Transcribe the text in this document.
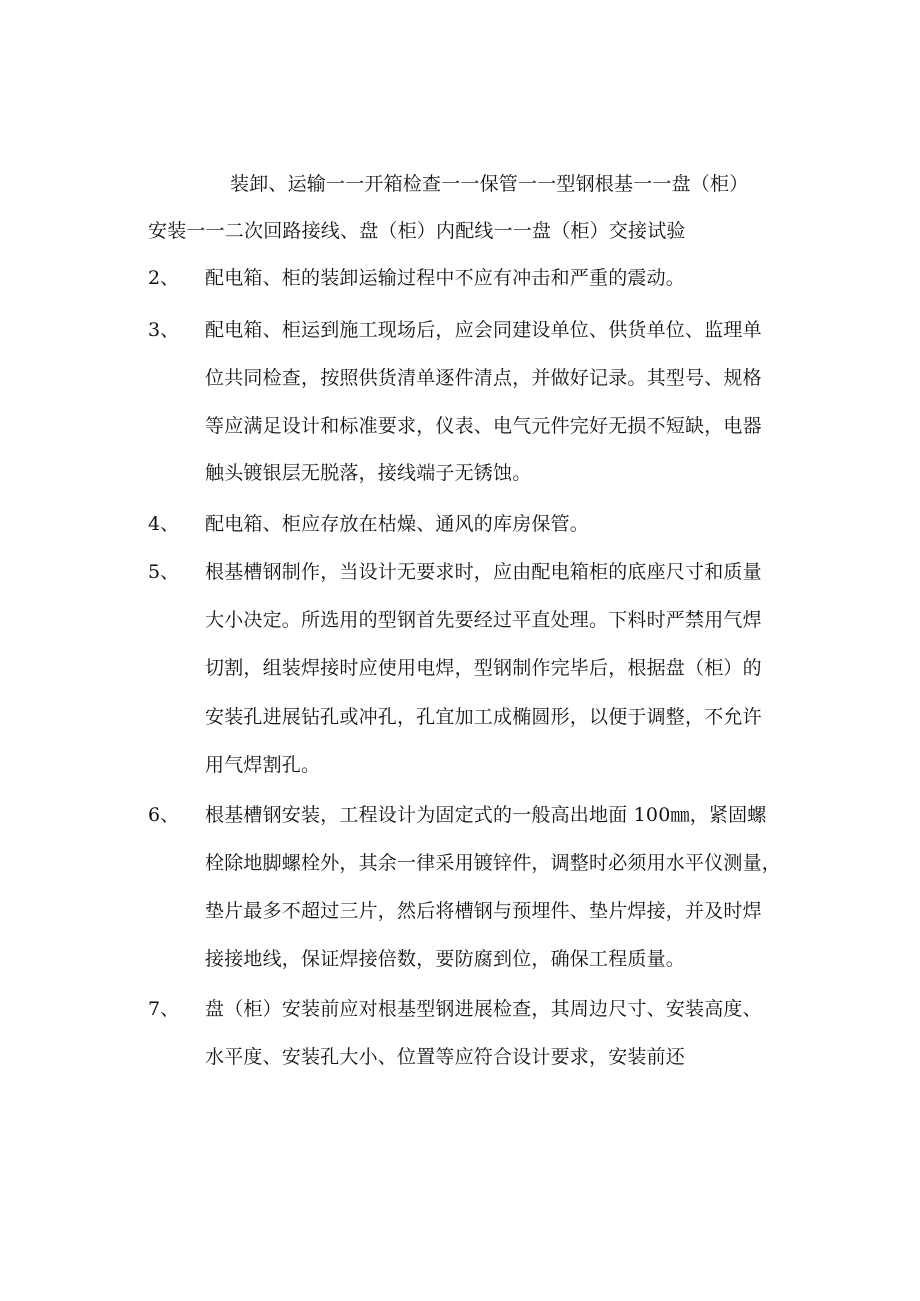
装卸、运输一一开箱检查一一保管一一型钢根基一一盘（柜）
安装一一二次回路接线、盘（柜）内配线一一盘（柜）交接试验
2、 配电箱、柜的装卸运输过程中不应有冲击和严重的震动。
3、 配电箱、柜运到施工现场后，应会同建设单位、供货单位、监理单
位共同检查，按照供货清单逐件清点，并做好记录。其型号、规格
等应满足设计和标准要求，仪表、电气元件完好无损不短缺，电器
触头镀银层无脱落，接线端子无锈蚀。
4、 配电箱、柜应存放在枯燥、通风的库房保管。
5、 根基槽钢制作，当设计无要求时，应由配电箱柜的底座尺寸和质量
大小决定。所选用的型钢首先要经过平直处理。下料时严禁用气焊
切割，组装焊接时应使用电焊，型钢制作完毕后，根据盘（柜）的
安装孔进展钻孔或冲孔，孔宜加工成椭圆形，以便于调整，不允许
用气焊割孔。
6、 根基槽钢安装，工程设计为固定式的一般高出地面 100㎜，紧固螺
栓除地脚螺栓外，其余一律采用镀锌件，调整时必须用水平仪测量，
垫片最多不超过三片，然后将槽钢与预埋件、垫片焊接，并及时焊
接接地线，保证焊接倍数，要防腐到位，确保工程质量。
7、 盘（柜）安装前应对根基型钢进展检查，其周边尺寸、安装高度、
水平度、安装孔大小、位置等应符合设计要求，安装前还
